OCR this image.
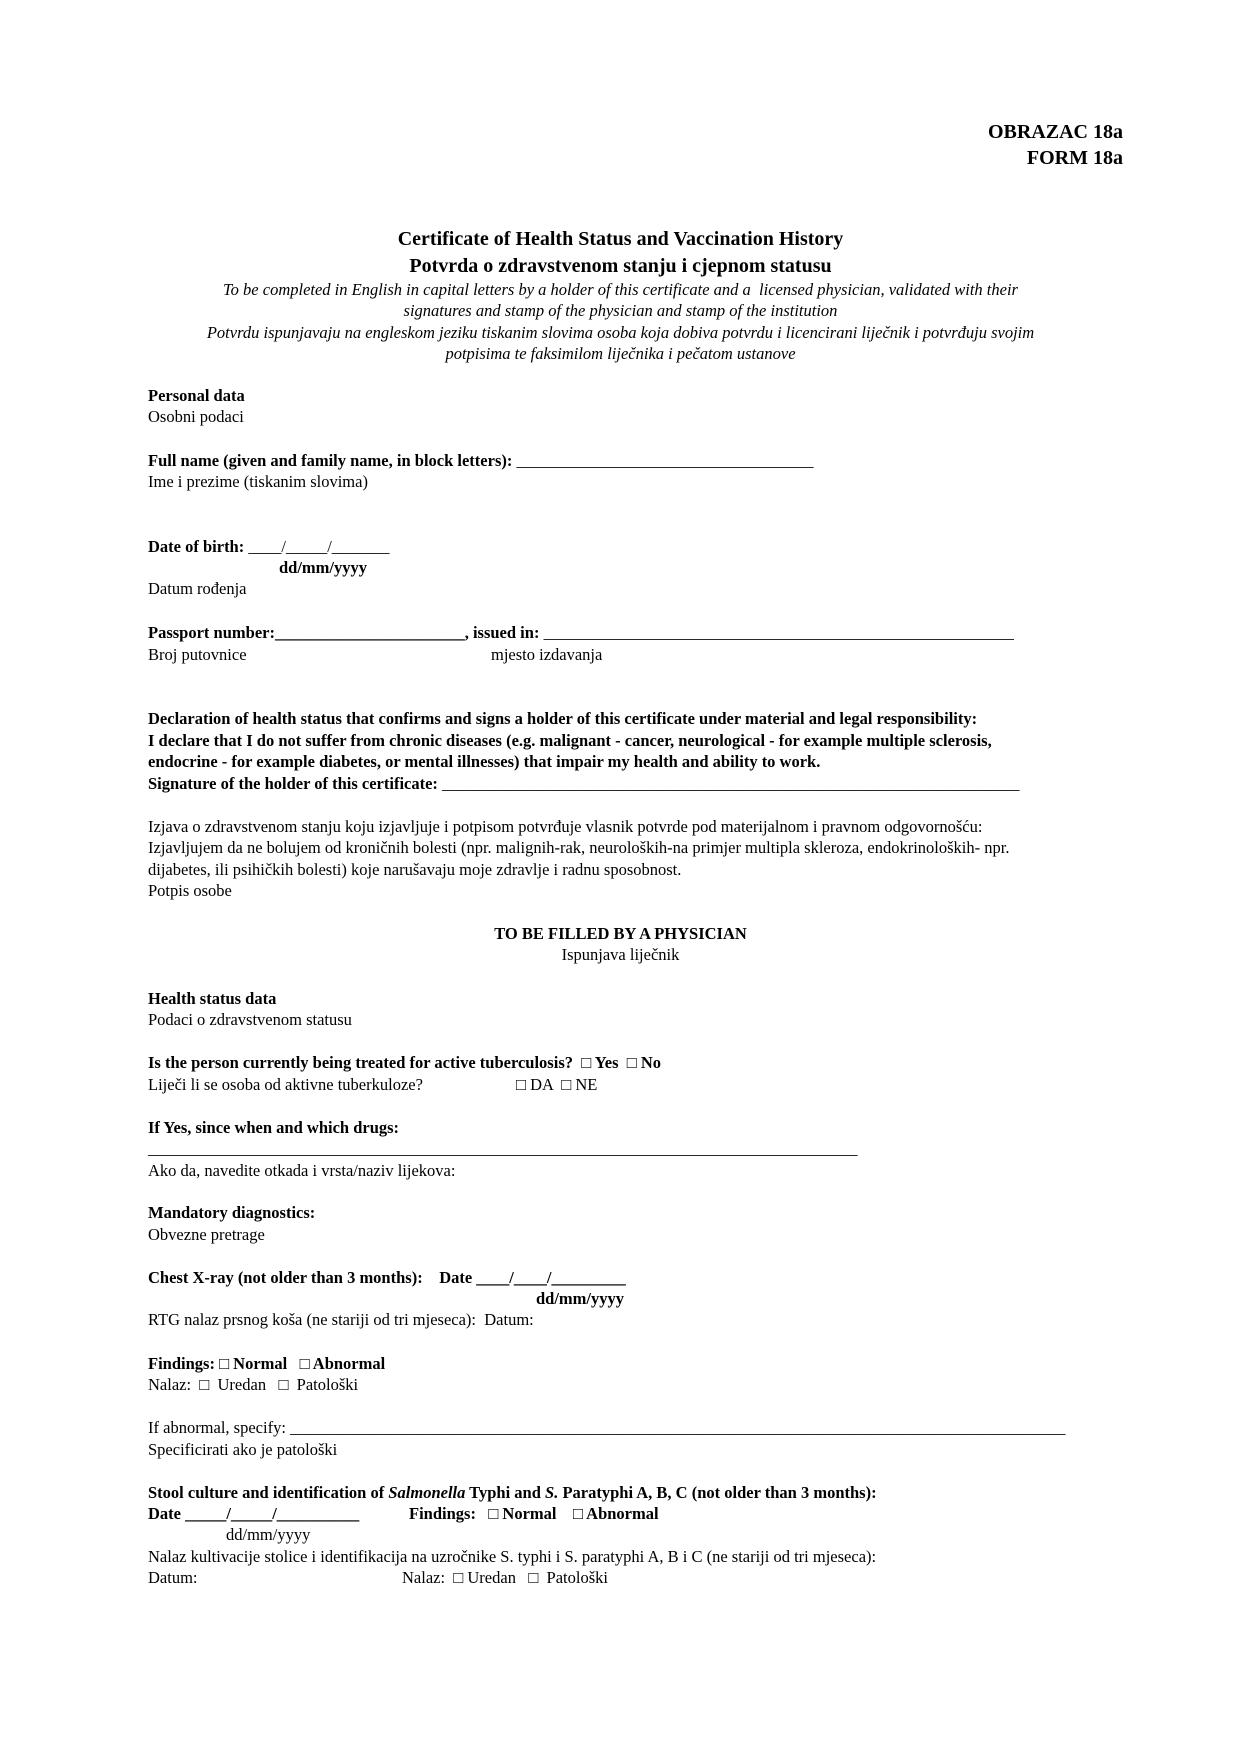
OBRAZAC 18a
FORM 18a
Certificate of Health Status and Vaccination History
Potvrda o zdravstvenom stanju i cjepnom statusu
To be completed in English in capital letters by a holder of this certificate and a  licensed physician, validated with their
signatures and stamp of the physician and stamp of the institution
Potvrdu ispunjavaju na engleskom jeziku tiskanim slovima osoba koja dobiva potvrdu i licencirani liječnik i potvrđuju svojim
potpisima te faksimilom liječnika i pečatom ustanove
Personal data
Osobni podaci
Full name (given and family name, in block letters): ____________________________________
Ime i prezime (tiskanim slovima)
Date of birth: ____/_____/_______
dd/mm/yyyy
Datum rođenja
Passport number:_______________________, issued in: _________________________________________________________
Broj putovnice	mjesto izdavanja
Declaration of health status that confirms and signs a holder of this certificate under material and legal responsibility:
I declare that I do not suffer from chronic diseases (e.g. malignant - cancer, neurological - for example multiple sclerosis,
endocrine - for example diabetes, or mental illnesses) that impair my health and ability to work.
Signature of the holder of this certificate: ______________________________________________________________________
Izjava o zdravstvenom stanju koju izjavljuje i potpisom potvrđuje vlasnik potvrde pod materijalnom i pravnom odgovornošću:
Izjavljujem da ne bolujem od kroničnih bolesti (npr. malignih-rak, neuroloških-na primjer multipla skleroza, endokrinoloških- npr.
dijabetes, ili psihičkih bolesti) koje narušavaju moje zdravlje i radnu sposobnost.
Potpis osobe
TO BE FILLED BY A PHYSICIAN
Ispunjava liječnik
Health status data
Podaci o zdravstvenom statusu
Is the person currently being treated for active tuberculosis?  □ Yes  □ No
Liječi li se osoba od aktivne tuberkuloze?	□ DA  □ NE
If Yes, since when and which drugs:
______________________________________________________________________________________
Ako da, navedite otkada i vrsta/naziv lijekova:
Mandatory diagnostics:
Obvezne pretrage
Chest X-ray (not older than 3 months):    Date ____/____/_________
dd/mm/yyyy
RTG nalaz prsnog koša (ne stariji od tri mjeseca):  Datum:
Findings: □ Normal   □ Abnormal
Nalaz:  □  Uredan   □  Patološki
If abnormal, specify: ______________________________________________________________________________________________
Specificirati ako je patološki
Stool culture and identification of Salmonella Typhi and S. Paratyphi A, B, C (not older than 3 months):
Date _____/_____/__________	Findings:   □ Normal    □ Abnormal
dd/mm/yyyy
Nalaz kultivacije stolice i identifikacija na uzročnike S. typhi i S. paratyphi A, B i C (ne stariji od tri mjeseca):
Datum:	Nalaz:  □ Uredan   □  Patološki
